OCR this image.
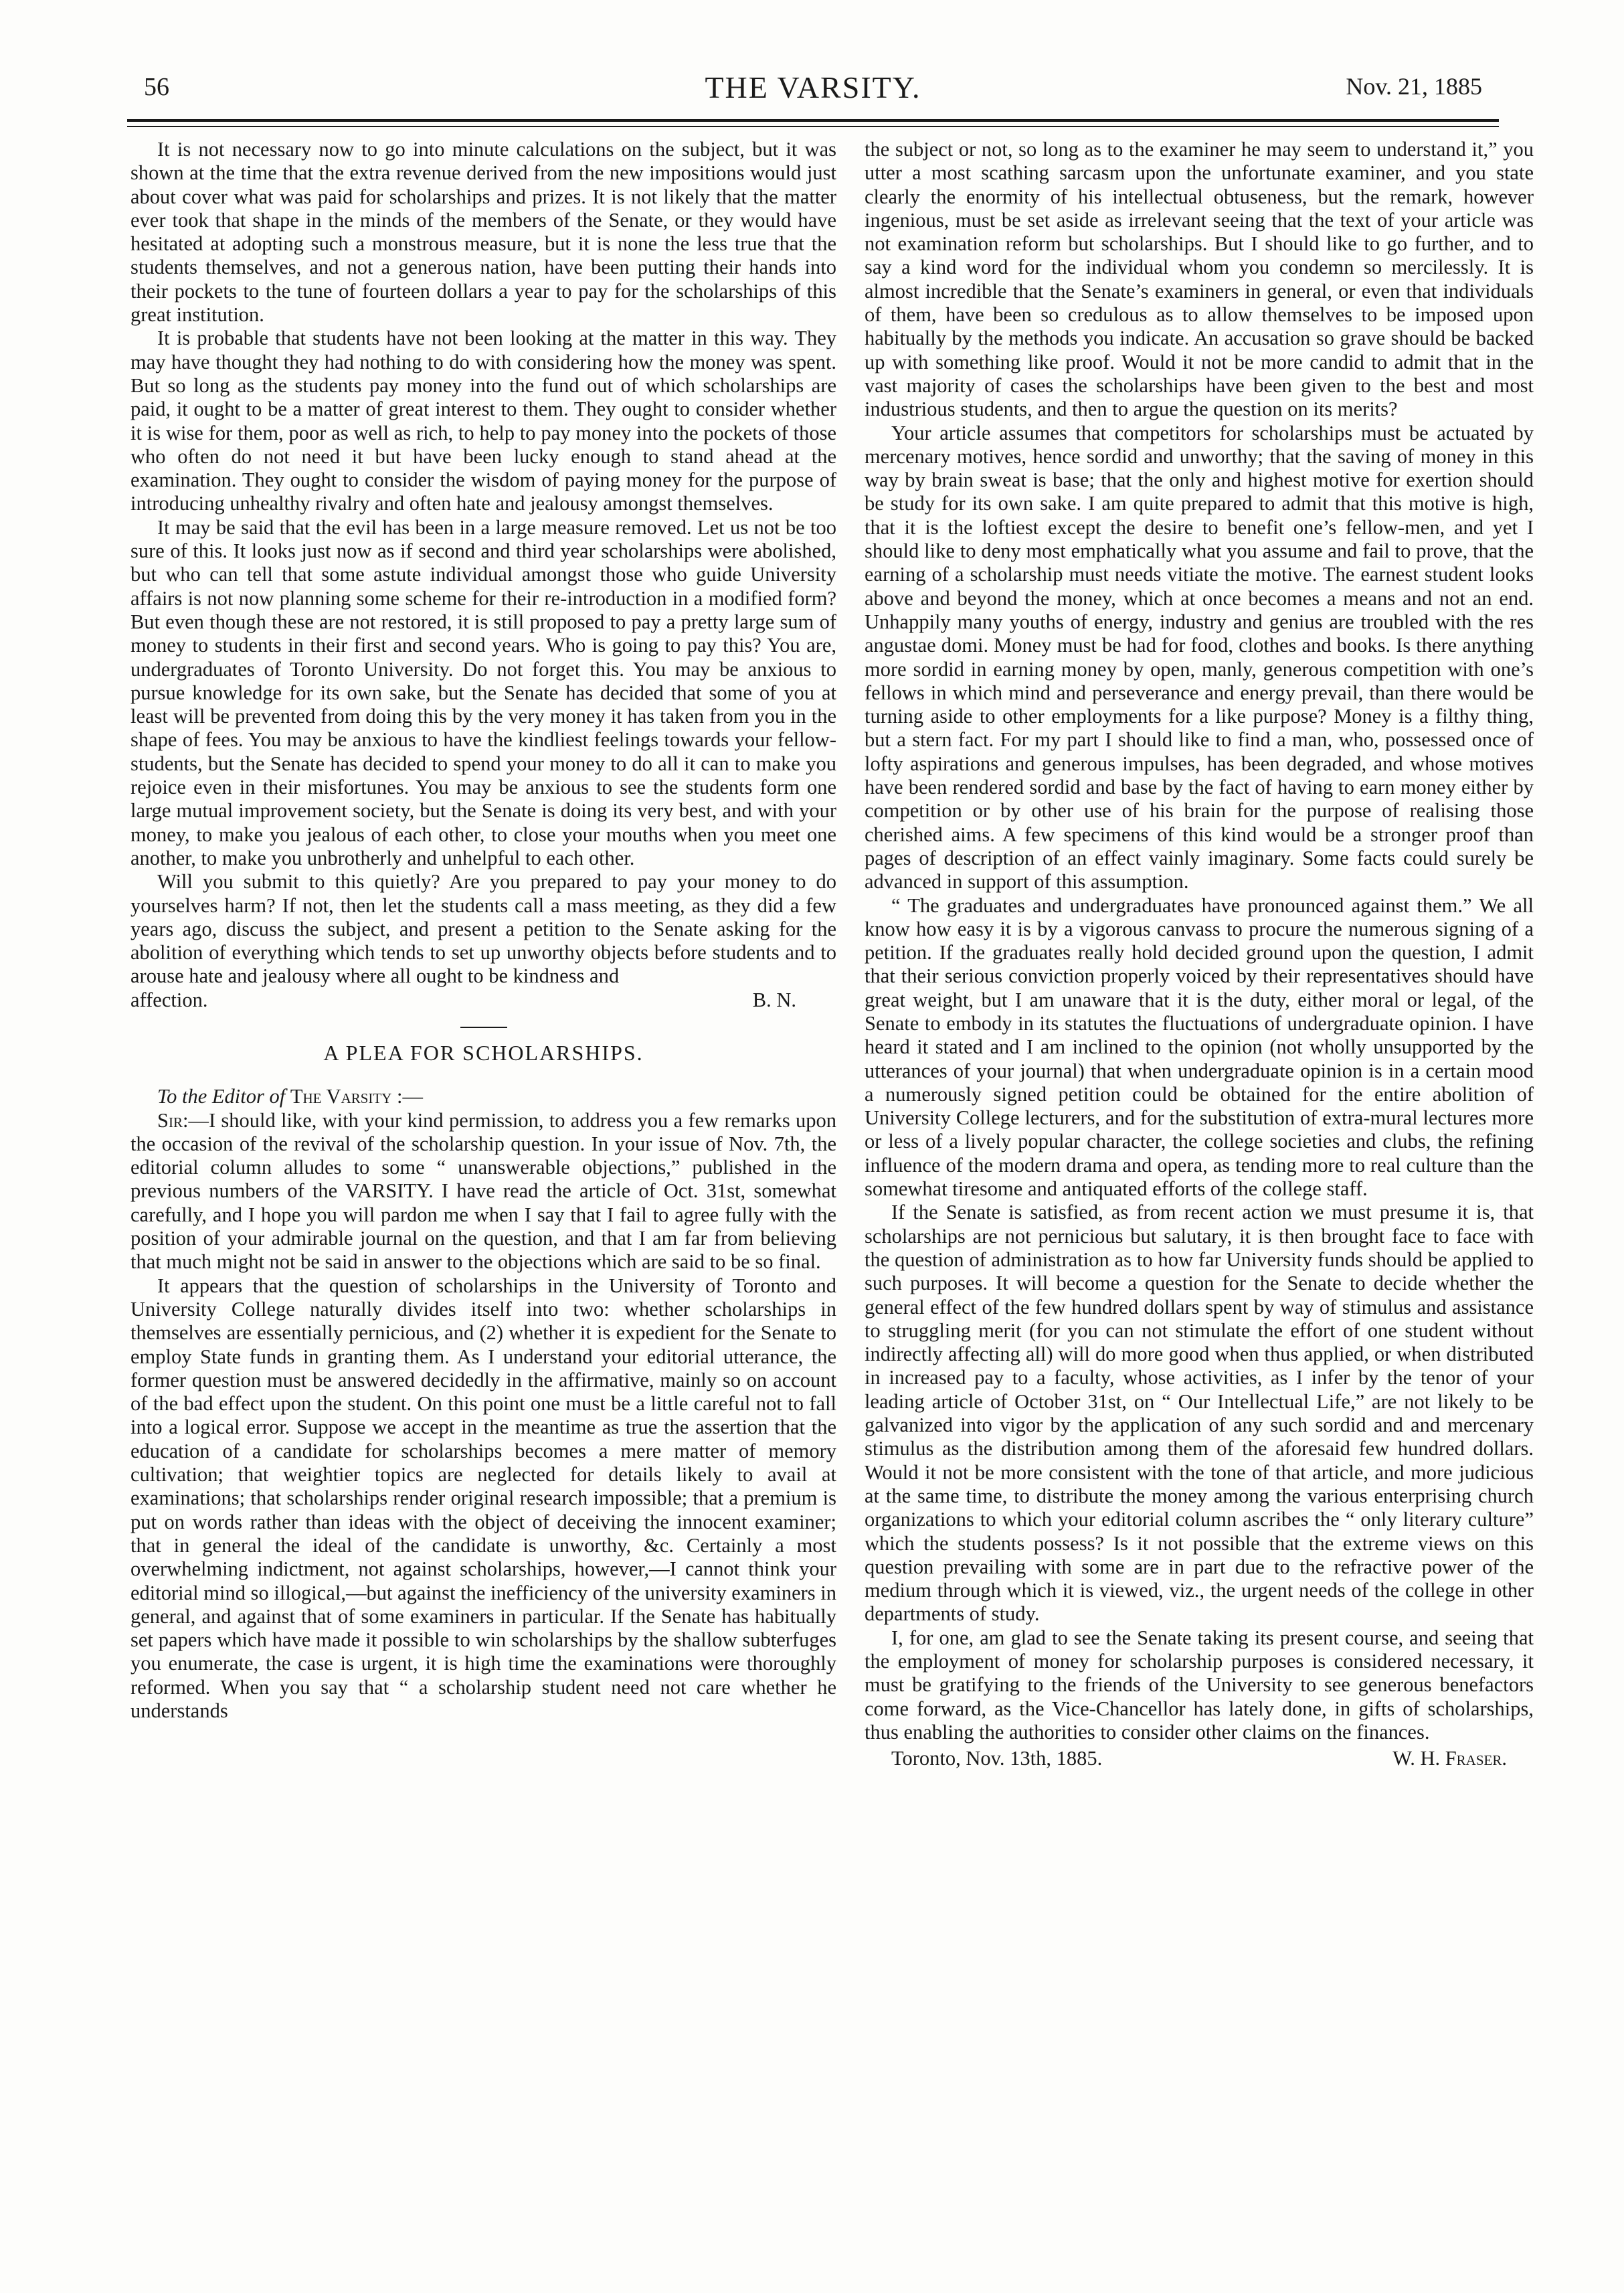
56	THE VARSITY.	Nov. 21, 1885

It is not necessary now to go into minute calculations on the subject, but it was shown at the time that the extra revenue derived from the new impositions would just about cover what was paid for scholarships and prizes. It is not likely that the matter ever took that shape in the minds of the members of the Senate, or they would have hesitated at adopting such a monstrous measure, but it is none the less true that the students themselves, and not a generous nation, have been putting their hands into their pockets to the tune of fourteen dollars a year to pay for the scholarships of this great institution.

It is probable that students have not been looking at the matter in this way. They may have thought they had nothing to do with considering how the money was spent. But so long as the students pay money into the fund out of which scholarships are paid, it ought to be a matter of great interest to them. They ought to consider whether it is wise for them, poor as well as rich, to help to pay money into the pockets of those who often do not need it but have been lucky enough to stand ahead at the examination. They ought to consider the wisdom of paying money for the purpose of introducing unhealthy rivalry and often hate and jealousy amongst themselves.

It may be said that the evil has been in a large measure removed. Let us not be too sure of this. It looks just now as if second and third year scholarships were abolished, but who can tell that some astute individual amongst those who guide University affairs is not now planning some scheme for their re-introduction in a modified form? But even though these are not restored, it is still proposed to pay a pretty large sum of money to students in their first and second years. Who is going to pay this? You are, undergraduates of Toronto University. Do not forget this. You may be anxious to pursue knowledge for its own sake, but the Senate has decided that some of you at least will be prevented from doing this by the very money it has taken from you in the shape of fees. You may be anxious to have the kindliest feelings towards your fellow-students, but the Senate has decided to spend your money to do all it can to make you rejoice even in their misfortunes. You may be anxious to see the students form one large mutual improvement society, but the Senate is doing its very best, and with your money, to make you jealous of each other, to close your mouths when you meet one another, to make you unbrotherly and unhelpful to each other.

Will you submit to this quietly? Are you prepared to pay your money to do yourselves harm? If not, then let the students call a mass meeting, as they did a few years ago, discuss the subject, and present a petition to the Senate asking for the abolition of everything which tends to set up unworthy objects before students and to arouse hate and jealousy where all ought to be kindness and

affection.	B. N.
A PLEA FOR SCHOLARSHIPS.

To the Editor of The Varsity :—

Sir:—I should like, with your kind permission, to address you a few remarks upon the occasion of the revival of the scholarship question. In your issue of Nov. 7th, the editorial column alludes to some “ unanswerable objections,” published in the previous numbers of the VARSITY. I have read the article of Oct. 31st, somewhat carefully, and I hope you will pardon me when I say that I fail to agree fully with the position of your admirable journal on the question, and that I am far from believing that much might not be said in answer to the objections which are said to be so final.

It appears that the question of scholarships in the University of Toronto and University College naturally divides itself into two: whether scholarships in themselves are essentially pernicious, and (2) whether it is expedient for the Senate to employ State funds in granting them. As I understand your editorial utterance, the former question must be answered decidedly in the affirmative, mainly so on account of the bad effect upon the student. On this point one must be a little careful not to fall into a logical error. Suppose we accept in the meantime as true the assertion that the education of a candidate for scholarships becomes a mere matter of memory cultivation; that weightier topics are neglected for details likely to avail at examinations; that scholarships render original research impossible; that a premium is put on words rather than ideas with the object of deceiving the innocent examiner; that in general the ideal of the candidate is unworthy, &c. Certainly a most overwhelming indictment, not against scholarships, however,—I cannot think your editorial mind so illogical,—but against the inefficiency of the university examiners in general, and against that of some examiners in particular. If the Senate has habitually set papers which have made it possible to win scholarships by the shallow subterfuges you enumerate, the case is urgent, it is high time the examinations were thoroughly reformed. When you say that “ a scholarship student need not care whether he understands

the subject or not, so long as to the examiner he may seem to understand it,” you utter a most scathing sarcasm upon the unfortunate examiner, and you state clearly the enormity of his intellectual obtuseness, but the remark, however ingenious, must be set aside as irrelevant seeing that the text of your article was not examination reform but scholarships. But I should like to go further, and to say a kind word for the individual whom you condemn so mercilessly. It is almost incredible that the Senate’s examiners in general, or even that individuals of them, have been so credulous as to allow themselves to be imposed upon habitually by the methods you indicate. An accusation so grave should be backed up with something like proof. Would it not be more candid to admit that in the vast majority of cases the scholarships have been given to the best and most industrious students, and then to argue the question on its merits?

Your article assumes that competitors for scholarships must be actuated by mercenary motives, hence sordid and unworthy; that the saving of money in this way by brain sweat is base; that the only and highest motive for exertion should be study for its own sake. I am quite prepared to admit that this motive is high, that it is the loftiest except the desire to benefit one’s fellow-men, and yet I should like to deny most emphatically what you assume and fail to prove, that the earning of a scholarship must needs vitiate the motive. The earnest student looks above and beyond the money, which at once becomes a means and not an end. Unhappily many youths of energy, industry and genius are troubled with the res angustae domi. Money must be had for food, clothes and books. Is there anything more sordid in earning money by open, manly, generous competition with one’s fellows in which mind and perseverance and energy prevail, than there would be turning aside to other employments for a like purpose? Money is a filthy thing, but a stern fact. For my part I should like to find a man, who, possessed once of lofty aspirations and generous impulses, has been degraded, and whose motives have been rendered sordid and base by the fact of having to earn money either by competition or by other use of his brain for the purpose of realising those cherished aims. A few specimens of this kind would be a stronger proof than pages of description of an effect vainly imaginary. Some facts could surely be advanced in support of this assumption.

“ The graduates and undergraduates have pronounced against them.” We all know how easy it is by a vigorous canvass to procure the numerous signing of a petition. If the graduates really hold decided ground upon the question, I admit that their serious conviction properly voiced by their representatives should have great weight, but I am unaware that it is the duty, either moral or legal, of the Senate to embody in its statutes the fluctuations of undergraduate opinion. I have heard it stated and I am inclined to the opinion (not wholly unsupported by the utterances of your journal) that when undergraduate opinion is in a certain mood a numerously signed petition could be obtained for the entire abolition of University College lecturers, and for the substitution of extra-mural lectures more or less of a lively popular character, the college societies and clubs, the refining influence of the modern drama and opera, as tending more to real culture than the somewhat tiresome and antiquated efforts of the college staff.

If the Senate is satisfied, as from recent action we must presume it is, that scholarships are not pernicious but salutary, it is then brought face to face with the question of administration as to how far University funds should be applied to such purposes. It will become a question for the Senate to decide whether the general effect of the few hundred dollars spent by way of stimulus and assistance to struggling merit (for you can not stimulate the effort of one student without indirectly affecting all) will do more good when thus applied, or when distributed in increased pay to a faculty, whose activities, as I infer by the tenor of your leading article of October 31st, on “ Our Intellectual Life,” are not likely to be galvanized into vigor by the application of any such sordid and and mercenary stimulus as the distribution among them of the aforesaid few hundred dollars. Would it not be more consistent with the tone of that article, and more judicious at the same time, to distribute the money among the various enterprising church organizations to which your editorial column ascribes the “ only literary culture” which the students possess? Is it not possible that the extreme views on this question prevailing with some are in part due to the refractive power of the medium through which it is viewed, viz., the urgent needs of the college in other departments of study.

I, for one, am glad to see the Senate taking its present course, and seeing that the employment of money for scholarship purposes is considered necessary, it must be gratifying to the friends of the University to see generous benefactors come forward, as the Vice-Chancellor has lately done, in gifts of scholarships, thus enabling the authorities to consider other claims on the finances.

Toronto, Nov. 13th, 1885.	W. H. Fraser.
